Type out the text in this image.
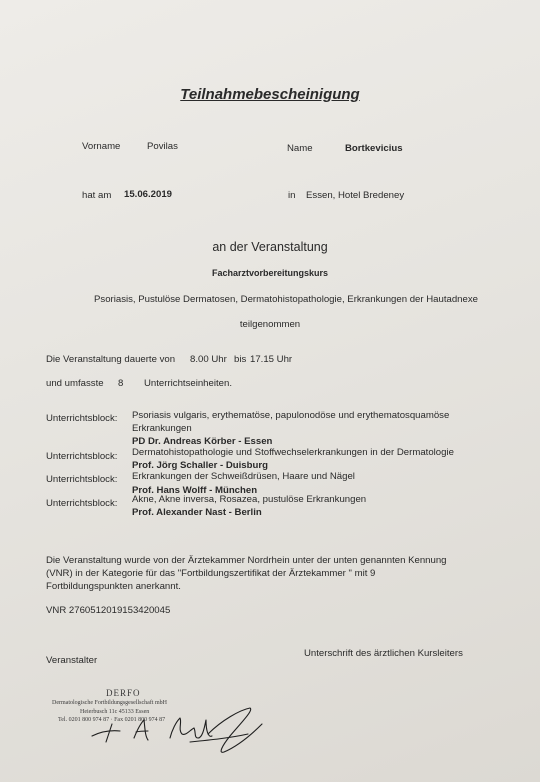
Teilnahmebescheinigung
Vorname	Povilas	Name	Bortkevicius
hat am 15.06.2019	in Essen, Hotel Bredeney
an der Veranstaltung
Facharztvorbereitungskurs
Psoriasis, Pustulöse Dermatosen, Dermatohistopathologie, Erkrankungen der Hautadnexe
teilgenommen
Die Veranstaltung dauerte von 8.00 Uhr bis 17.15 Uhr
und umfasste 8 Unterrichtseinheiten.
Unterrichtsblock: Psoriasis vulgaris, erythematöse, papulonodöse und erythematosquamöse
Erkrankungen
PD Dr. Andreas Körber - Essen
Unterrichtsblock: Dermatohistopathologie und Stoffwechselerkrankungen in der Dermatologie
Prof. Jörg Schaller - Duisburg
Unterrichtsblock: Erkrankungen der Schweißdrüsen, Haare und Nägel
Prof. Hans Wolff - München
Unterrichtsblock: Akne, Akne inversa, Rosazea, pustulöse Erkrankungen
Prof. Alexander Nast - Berlin
Die Veranstaltung wurde von der Ärztekammer Nordrhein unter der unten genannten Kennung
(VNR) in der Kategorie für das "Fortbildungszertifikat der Ärztekammer " mit 9
Fortbildungspunkten anerkannt.
VNR 2760512019153420045
Veranstalter
Unterschrift des ärztlichen Kursleiters
DERFO
Dermatologische Fortbildungsgesellschaft mbH
Heierbusch 11c 45133 Essen
Tel. 0201 800 974 87 · Fax 0201 800 974 87
